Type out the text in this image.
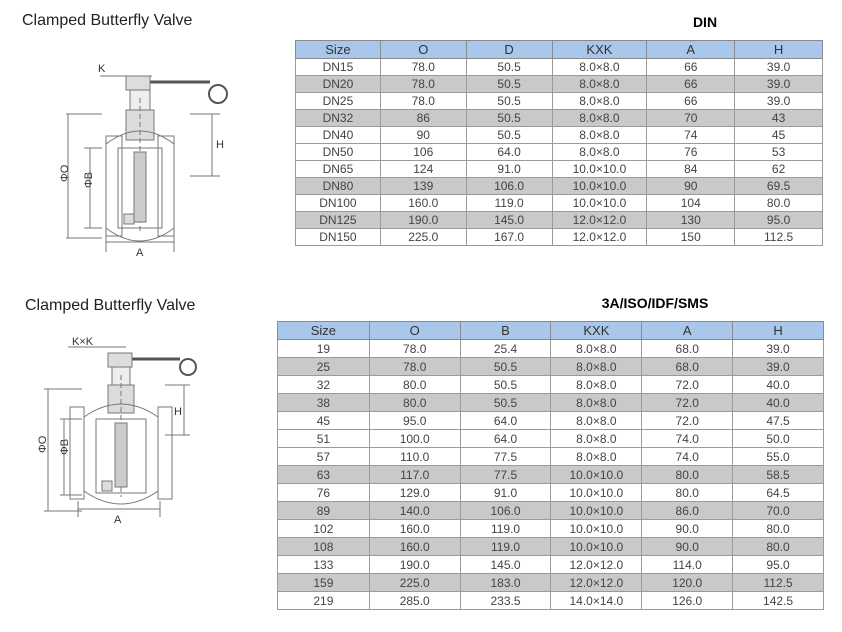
Clamped Butterfly Valve	DIN
K
H
ΦO ΦB
A
Size	O	D	KXK	A	H
DN15	78.0	50.5	8.0×8.0	66	39.0
DN20	78.0	50.5	8.0×8.0	66	39.0
DN25	78.0	50.5	8.0×8.0	66	39.0
DN32	86	50.5	8.0×8.0	70	43
DN40	90	50.5	8.0×8.0	74	45
DN50	106	64.0	8.0×8.0	76	53
DN65	124	91.0	10.0×10.0	84	62
DN80	139	106.0	10.0×10.0	90	69.5
DN100	160.0	119.0	10.0×10.0	104	80.0
DN125	190.0	145.0	12.0×12.0	130	95.0
DN150	225.0	167.0	12.0×12.0	150	112.5
Clamped Butterfly Valve	3A/ISO/IDF/SMS
K×K
H
ΦO ΦB
A
Size	O	B	KXK	A	H
19	78.0	25.4	8.0×8.0	68.0	39.0
25	78.0	50.5	8.0×8.0	68.0	39.0
32	80.0	50.5	8.0×8.0	72.0	40.0
38	80.0	50.5	8.0×8.0	72.0	40.0
45	95.0	64.0	8.0×8.0	72.0	47.5
51	100.0	64.0	8.0×8.0	74.0	50.0
57	110.0	77.5	8.0×8.0	74.0	55.0
63	117.0	77.5	10.0×10.0	80.0	58.5
76	129.0	91.0	10.0×10.0	80.0	64.5
89	140.0	106.0	10.0×10.0	86.0	70.0
102	160.0	119.0	10.0×10.0	90.0	80.0
108	160.0	119.0	10.0×10.0	90.0	80.0
133	190.0	145.0	12.0×12.0	114.0	95.0
159	225.0	183.0	12.0×12.0	120.0	112.5
219	285.0	233.5	14.0×14.0	126.0	142.5
